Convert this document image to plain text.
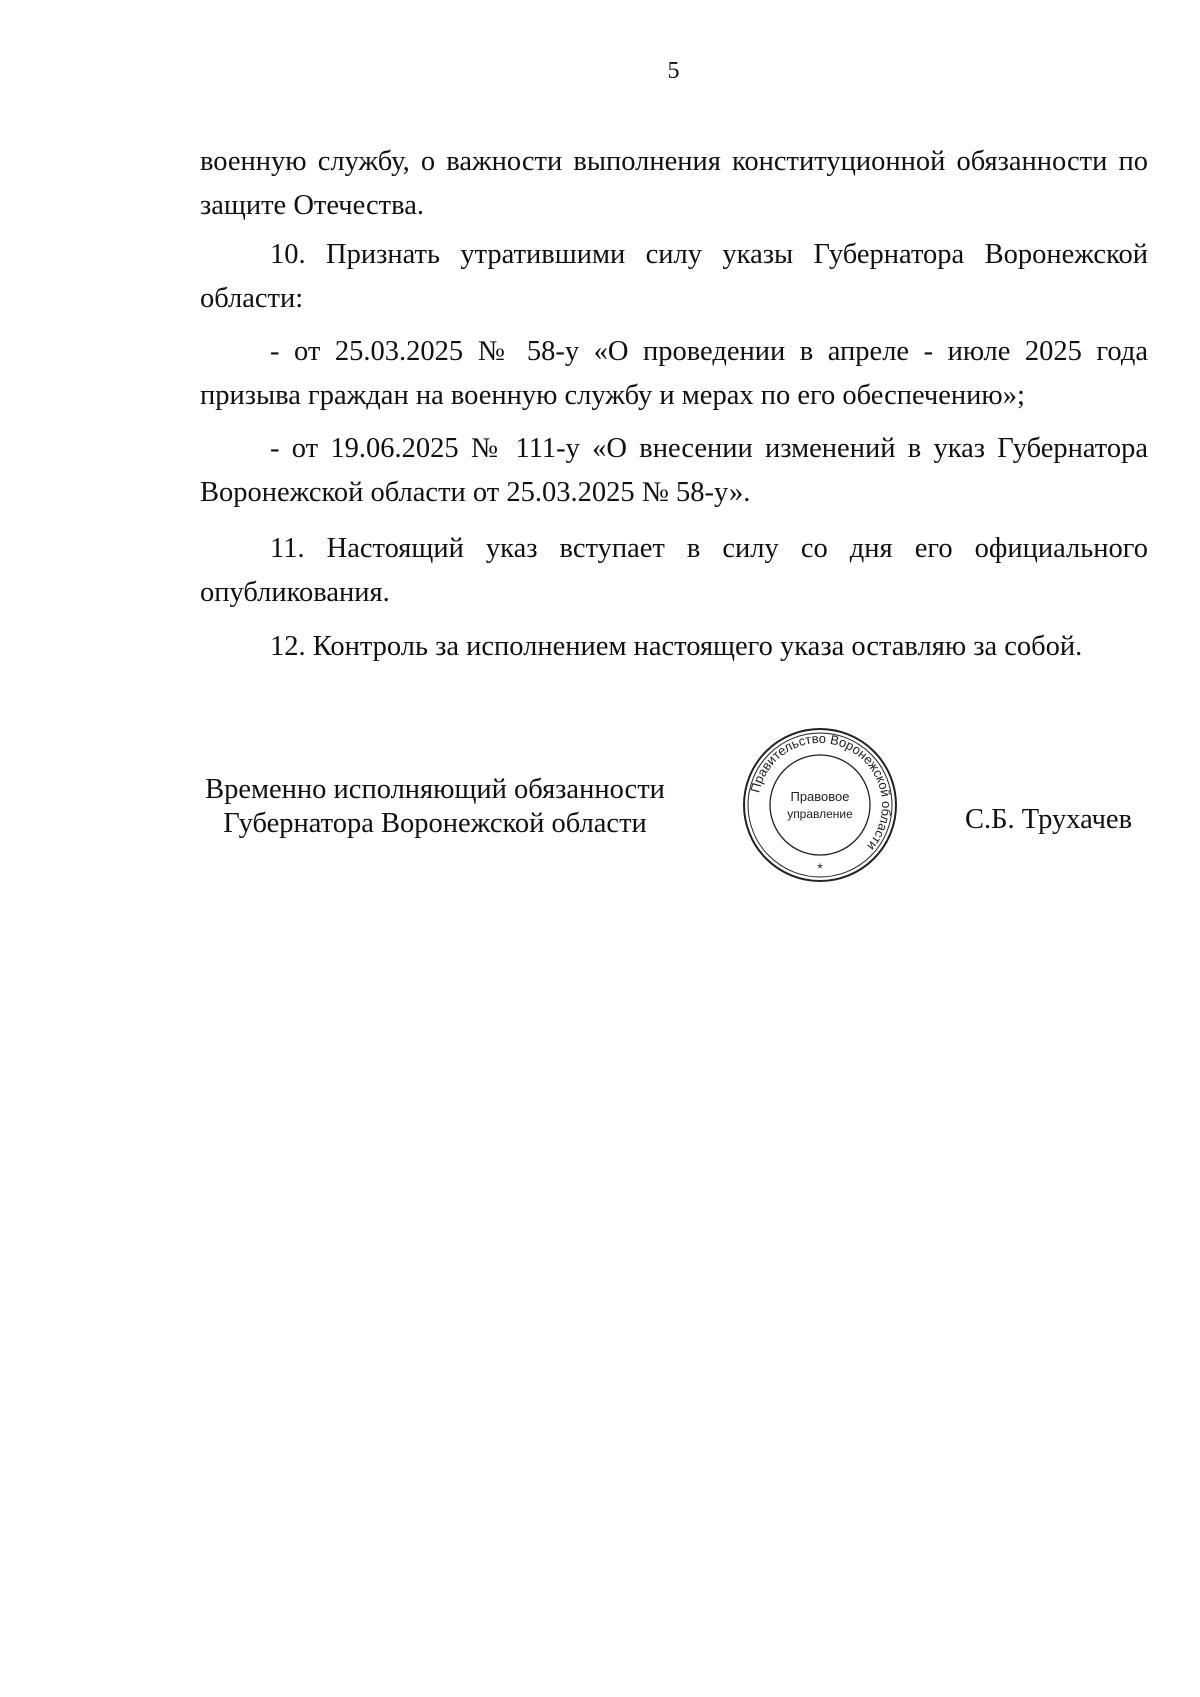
5

военную службу, о важности выполнения конституционной обязанности по защите Отечества.

10. Признать утратившими силу указы Губернатора Воронежской области:

- от 25.03.2025 № 58-у «О проведении в апреле - июле 2025 года призыва граждан на военную службу и мерах по его обеспечению»;

- от 19.06.2025 № 111-у «О внесении изменений в указ Губернатора Воронежской области от 25.03.2025 № 58-у».

11. Настоящий указ вступает в силу со дня его официального опубликования.

12. Контроль за исполнением настоящего указа оставляю за собой.

Временно исполняющий обязанности
Губернатора Воронежской области
Правительство Воронежской области
Правовое
управление
*
С.Б. Трухачев
